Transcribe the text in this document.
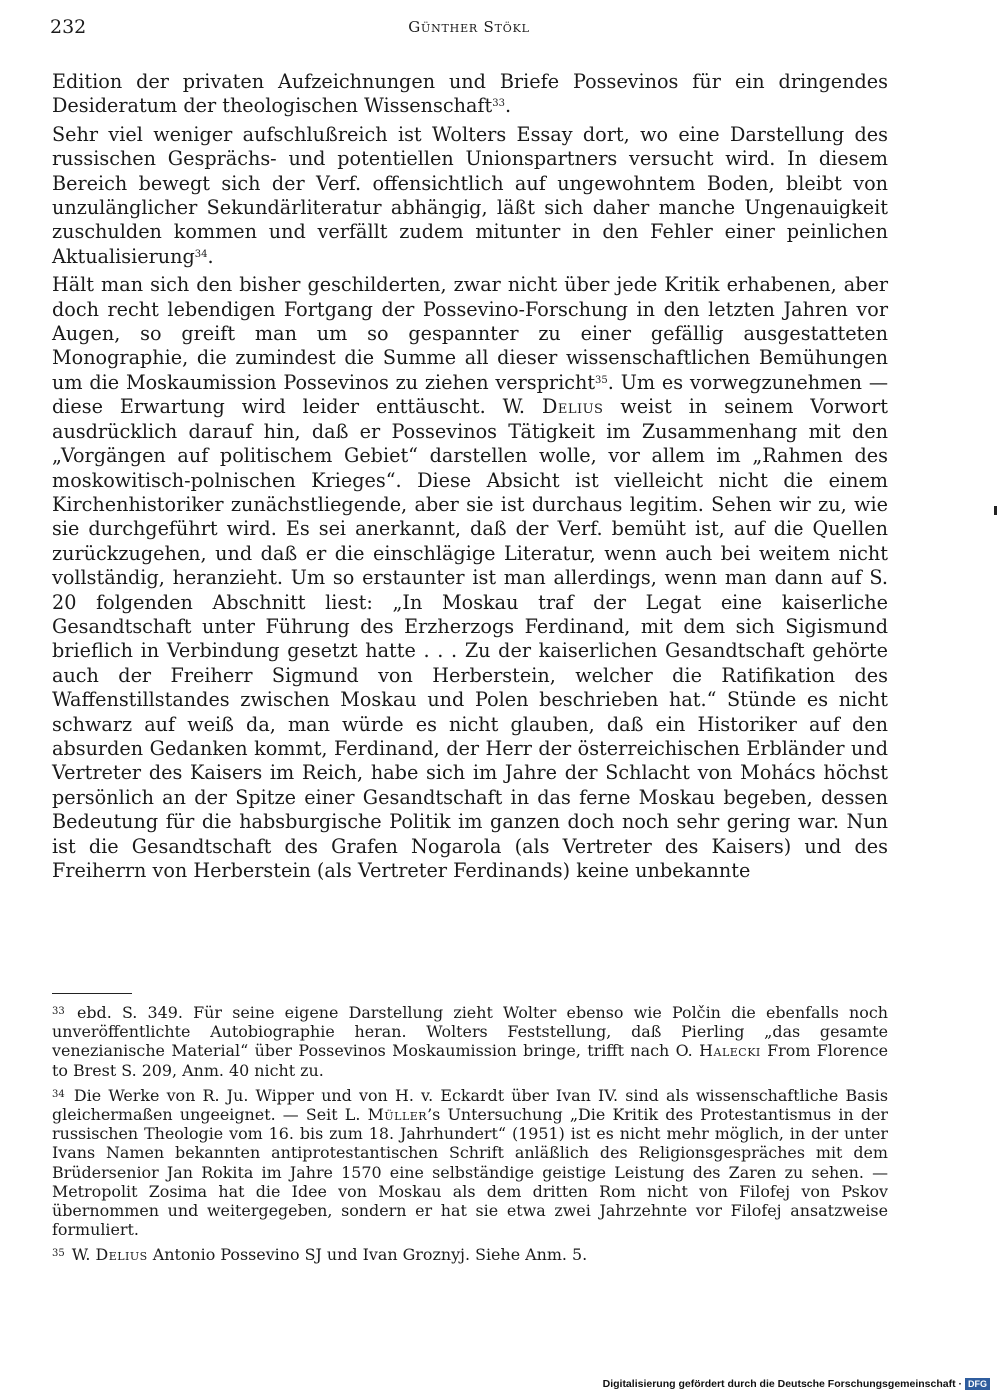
232	Günther Stökl

Edition der privaten Aufzeichnungen und Briefe Possevinos für ein dringendes Desideratum der theologischen Wissenschaft$^{33}$.

Sehr viel weniger aufschlußreich ist Wolters Essay dort, wo eine Darstellung des russischen Gesprächs- und potentiellen Unionspartners versucht wird. In diesem Bereich bewegt sich der Verf. offensichtlich auf ungewohntem Boden, bleibt von unzulänglicher Sekundärliteratur abhängig, läßt sich daher manche Ungenauigkeit zuschulden kommen und verfällt zudem mitunter in den Fehler einer peinlichen Aktualisierung$^{34}$.

Hält man sich den bisher geschilderten, zwar nicht über jede Kritik erhabenen, aber doch recht lebendigen Fortgang der Possevino-Forschung in den letzten Jahren vor Augen, so greift man um so gespannter zu einer gefällig ausgestatteten Monographie, die zumindest die Summe all dieser wissenschaftlichen Bemühungen um die Moskaumission Possevinos zu ziehen verspricht$^{35}$. Um es vorwegzunehmen — diese Erwartung wird leider enttäuscht. W. Delius weist in seinem Vorwort ausdrücklich darauf hin, daß er Possevinos Tätigkeit im Zusammenhang mit den „Vorgängen auf politischem Gebiet“ darstellen wolle, vor allem im „Rahmen des moskowitisch-polnischen Krieges“. Diese Absicht ist vielleicht nicht die einem Kirchenhistoriker zunächstliegende, aber sie ist durchaus legitim. Sehen wir zu, wie sie durchgeführt wird. Es sei anerkannt, daß der Verf. bemüht ist, auf die Quellen zurückzugehen, und daß er die einschlägige Literatur, wenn auch bei weitem nicht vollständig, heranzieht. Um so erstaunter ist man allerdings, wenn man dann auf S. 20 folgenden Abschnitt liest: „In Moskau traf der Legat eine kaiserliche Gesandtschaft unter Führung des Erzherzogs Ferdinand, mit dem sich Sigismund brieflich in Verbindung gesetzt hatte . . . Zu der kaiserlichen Gesandtschaft gehörte auch der Freiherr Sigmund von Herberstein, welcher die Ratifikation des Waffenstillstandes zwischen Moskau und Polen beschrieben hat.“ Stünde es nicht schwarz auf weiß da, man würde es nicht glauben, daß ein Historiker auf den absurden Gedanken kommt, Ferdinand, der Herr der österreichischen Erbländer und Vertreter des Kaisers im Reich, habe sich im Jahre der Schlacht von Mohács höchst persönlich an der Spitze einer Gesandtschaft in das ferne Moskau begeben, dessen Bedeutung für die habsburgische Politik im ganzen doch noch sehr gering war. Nun ist die Gesandtschaft des Grafen Nogarola (als Vertreter des Kaisers) und des Freiherrn von Herberstein (als Vertreter Ferdinands) keine unbekannte

$^{33}$ ebd. S. 349. Für seine eigene Darstellung zieht Wolter ebenso wie Polčin die ebenfalls noch unveröffentlichte Autobiographie heran. Wolters Feststellung, daß Pierling „das gesamte venezianische Material“ über Possevinos Moskaumission bringe, trifft nach O. Halecki From Florence to Brest S. 209, Anm. 40 nicht zu.

$^{34}$ Die Werke von R. Ju. Wipper und von H. v. Eckardt über Ivan IV. sind als wissenschaftliche Basis gleichermaßen ungeeignet. — Seit L. Müller’s Untersuchung „Die Kritik des Protestantismus in der russischen Theologie vom 16. bis zum 18. Jahrhundert“ (1951) ist es nicht mehr möglich, in der unter Ivans Namen bekannten antiprotestantischen Schrift anläßlich des Religionsgespräches mit dem Brüdersenior Jan Rokita im Jahre 1570 eine selbständige geistige Leistung des Zaren zu sehen. — Metropolit Zosima hat die Idee von Moskau als dem dritten Rom nicht von Filofej von Pskov übernommen und weitergegeben, sondern er hat sie etwa zwei Jahrzehnte vor Filofej ansatzweise formuliert.

$^{35}$ W. Delius Antonio Possevino SJ und Ivan Groznyj. Siehe Anm. 5.

Digitalisierung gefördert durch die Deutsche Forschungsgemeinschaft · DFG
